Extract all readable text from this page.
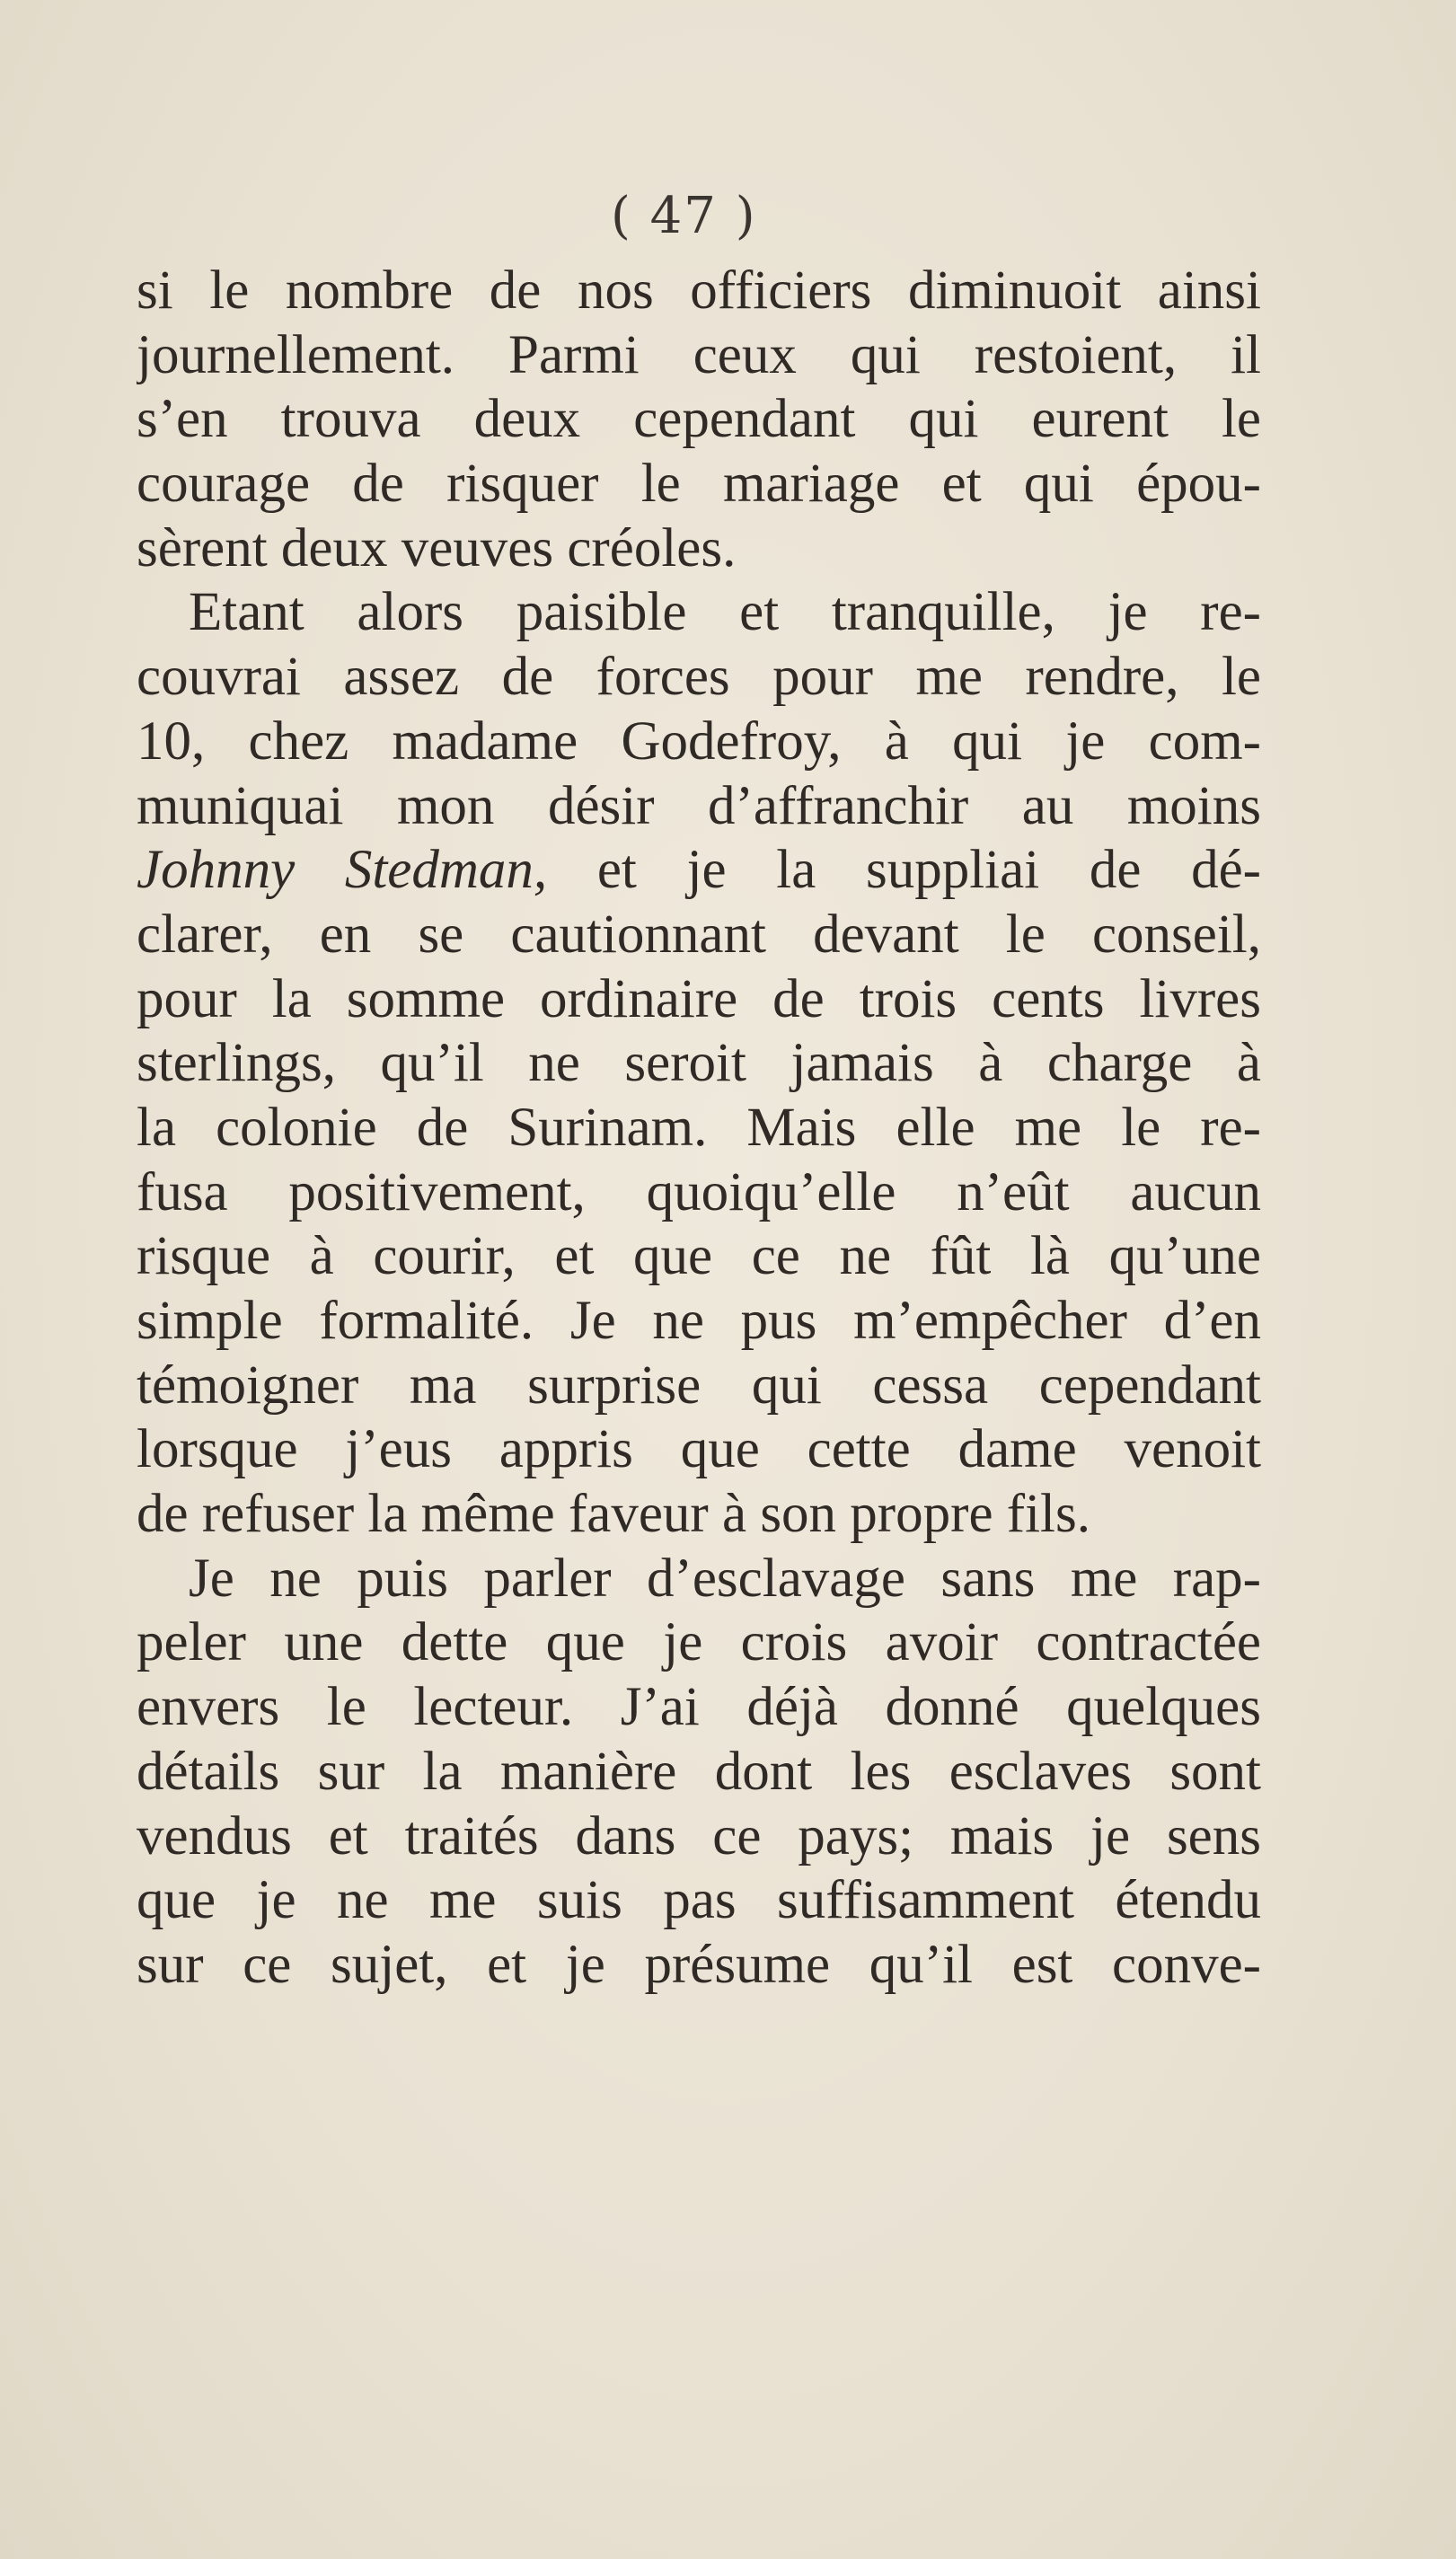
( 47 )
si le nombre de nos officiers diminuoit ainsi
journellement. Parmi ceux qui restoient, il
s’en trouva deux cependant qui eurent le
courage de risquer le mariage et qui épou-
sèrent deux veuves créoles.
Etant alors paisible et tranquille, je re-
couvrai assez de forces pour me rendre, le
10, chez madame Godefroy, à qui je com-
muniquai mon désir d’affranchir au moins
Johnny Stedman, et je la suppliai de dé-
clarer, en se cautionnant devant le conseil,
pour la somme ordinaire de trois cents livres
sterlings, qu’il ne seroit jamais à charge à
la colonie de Surinam. Mais elle me le re-
fusa positivement, quoiqu’elle n’eût aucun
risque à courir, et que ce ne fût là qu’une
simple formalité. Je ne pus m’empêcher d’en
témoigner ma surprise qui cessa cependant
lorsque j’eus appris que cette dame venoit
de refuser la même faveur à son propre fils.
Je ne puis parler d’esclavage sans me rap-
peler une dette que je crois avoir contractée
envers le lecteur. J’ai déjà donné quelques
détails sur la manière dont les esclaves sont
vendus et traités dans ce pays; mais je sens
que je ne me suis pas suffisamment étendu
sur ce sujet, et je présume qu’il est conve-
